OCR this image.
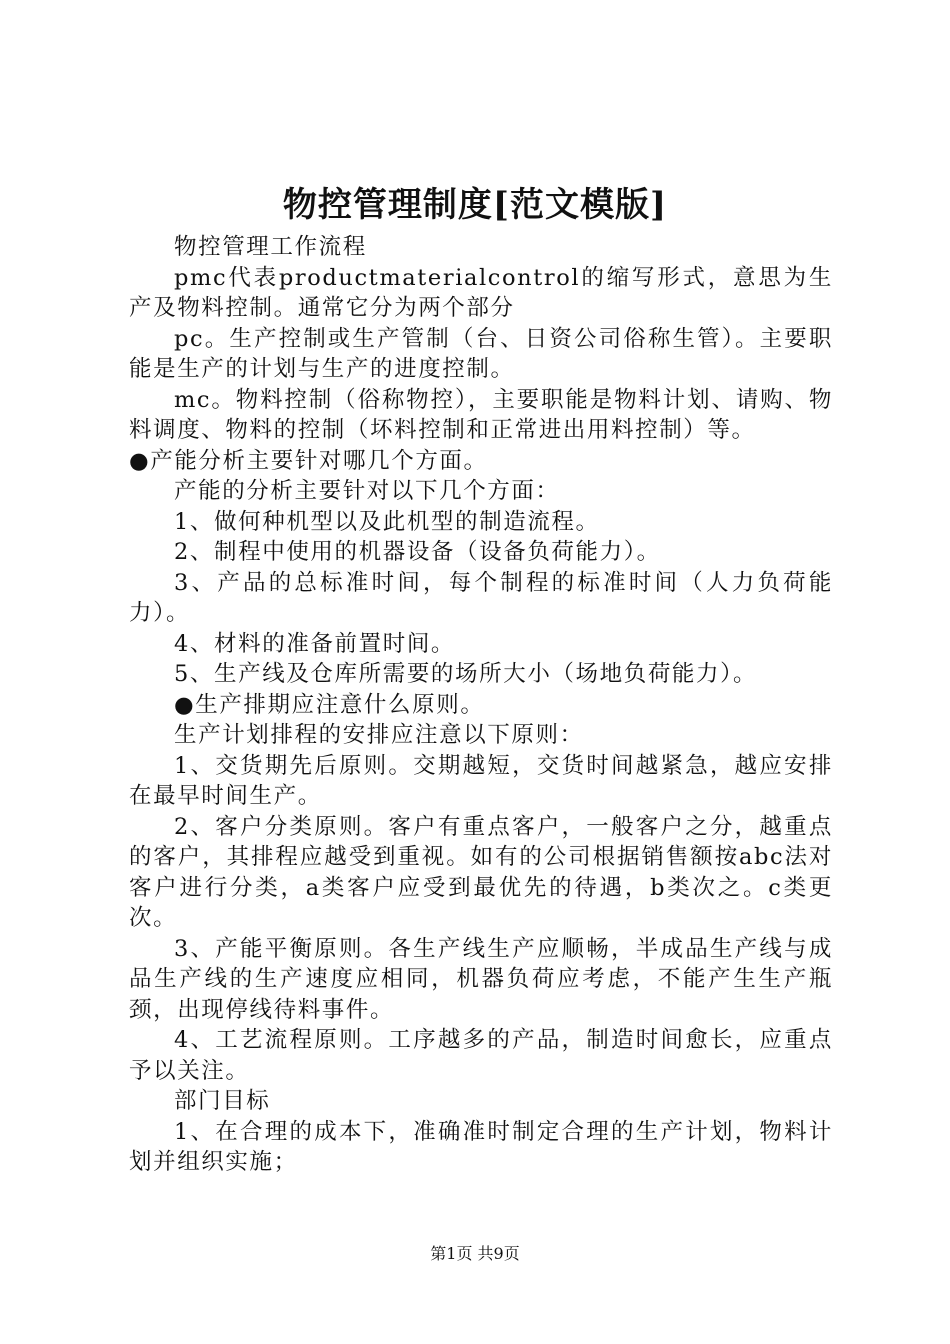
物控管理制度[范文模版]

物控管理工作流程

pmc代表productmaterialcontrol的缩写形式，意思为生产及物料控制。通常它分为两个部分

pc。生产控制或生产管制（台、日资公司俗称生管）。主要职能是生产的计划与生产的进度控制。

mc。物料控制（俗称物控），主要职能是物料计划、请购、物料调度、物料的控制（坏料控制和正常进出用料控制）等。

●产能分析主要针对哪几个方面。

产能的分析主要针对以下几个方面：

1、做何种机型以及此机型的制造流程。

2、制程中使用的机器设备（设备负荷能力）。

3、产品的总标准时间，每个制程的标准时间（人力负荷能力）。

4、材料的准备前置时间。

5、生产线及仓库所需要的场所大小（场地负荷能力）。

●生产排期应注意什么原则。

生产计划排程的安排应注意以下原则：

1、交货期先后原则。交期越短，交货时间越紧急，越应安排在最早时间生产。

2、客户分类原则。客户有重点客户，一般客户之分，越重点的客户，其排程应越受到重视。如有的公司根据销售额按abc法对客户进行分类，a类客户应受到最优先的待遇，b类次之。c类更次。

3、产能平衡原则。各生产线生产应顺畅，半成品生产线与成品生产线的生产速度应相同，机器负荷应考虑，不能产生生产瓶颈，出现停线待料事件。

4、工艺流程原则。工序越多的产品，制造时间愈长，应重点予以关注。

部门目标

1、在合理的成本下，准确准时制定合理的生产计划，物料计划并组织实施；

第1页 共9页
